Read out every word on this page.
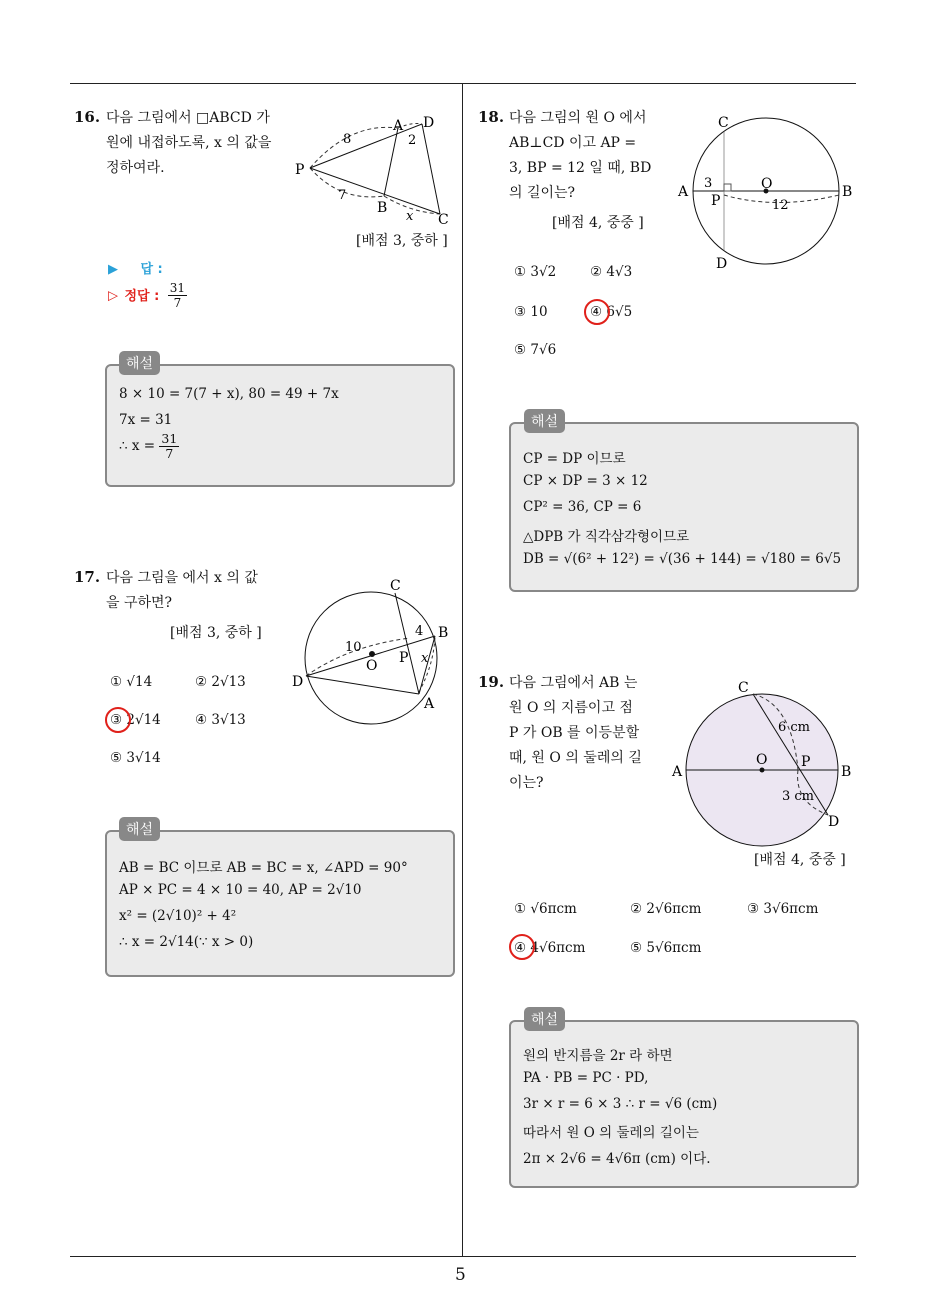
5
16. 다음 그림에서 □ABCD 가
원에 내접하도록, x 의 값을
정하여라.
A D
P
B
C
8	2
7
x
[배점 3, 중하 ]
▶ 답 :
▷ 정답 : $\frac{31}{7}$
8 × 10 = 7(7 + x), 80 = 49 + 7x
7x = 31
∴ $x = \frac{31}{7}$
해설
17. 다음 그림을 에서 x 의 값
을 구하면?
[배점 3, 중하 ]
C
B
D
A
O P
10
4
x
① √14	② 2√13
③ 2√14	④ 3√13
⑤ 3√14
AB = BC 이므로 AB = BC = x, ∠APD = 90°
AP × PC = 4 × 10 = 40, AP = 2√10
x² = (2√10)² + 4²
∴ x = 2√14(∵ x > 0)
해설
18. 다음 그림의 원 O 에서
AB⊥CD 이고 AP =
3, BP = 12 일 때, BD
의 길이는?
[배점 4, 중중 ]
C
A	B
O
P
D
3
12
① 3√2	② 4√3
③ 10	④ 6√5
⑤ 7√6
CP = DP 이므로
CP × DP = 3 × 12
CP² = 36, CP = 6
△DPB 가 직각삼각형이므로
DB = √(6² + 12²) = √(36 + 144) = √180 = 6√5
해설
19. 다음 그림에서 AB 는
원 O 의 지름이고 점
P 가 OB 를 이등분할
때, 원 O 의 둘레의 길
이는?
C
A	B
O P
D
6 cm
3 cm
[배점 4, 중중 ]
① √6πcm	② 2√6πcm	③ 3√6πcm
④ 4√6πcm	⑤ 5√6πcm
원의 반지름을 2r 라 하면
PA · PB = PC · PD,
3r × r = 6 × 3 ∴ r = √6 (cm)
따라서 원 O 의 둘레의 길이는
2π × 2√6 = 4√6π (cm) 이다.
해설
